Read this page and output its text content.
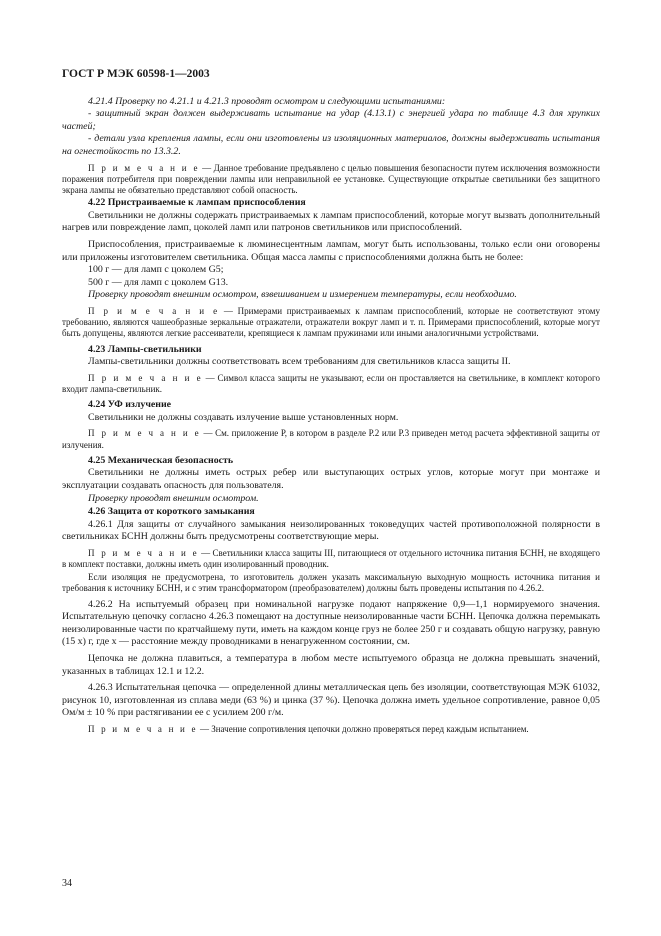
ГОСТ Р МЭК 60598-1—2003

4.21.4 Проверку по 4.21.1 и 4.21.3 проводят осмотром и следующими испытаниями:

- защитный экран должен выдерживать испытание на удар (4.13.1) с энергией удара по таблице 4.3 для хрупких частей;

- детали узла крепления лампы, если они изготовлены из изоляционных материалов, должны выдерживать испытания на огнестойкость по 13.3.2.

П р и м е ч а н и е — Данное требование предъявлено с целью повышения безопасности путем исключения возможности поражения потребителя при повреждении лампы или неправильной ее установке. Существующие открытые светильники без защитного экрана лампы не обязательно представляют собой опасность.

4.22 Пристраиваемые к лампам приспособления

Светильники не должны содержать пристраиваемых к лампам приспособлений, которые могут вызвать дополнительный нагрев или повреждение ламп, цоколей ламп или патронов светильников или приспособлений.

Приспособления, пристраиваемые к люминесцентным лампам, могут быть использованы, только если они оговорены или приложены изготовителем светильника. Общая масса лампы с приспособлениями должна быть не более:

100 г — для ламп с цоколем G5;

500 г — для ламп с цоколем G13.

Проверку проводят внешним осмотром, взвешиванием и измерением температуры, если необходимо.

П р и м е ч а н и е — Примерами пристраиваемых к лампам приспособлений, которые не соответствуют этому требованию, являются чашеобразные зеркальные отражатели, отражатели вокруг ламп и т. п. Примерами приспособлений, которые могут быть допущены, являются легкие рассеиватели, крепящиеся к лампам пружинами или иными аналогичными устройствами.

4.23 Лампы-светильники

Лампы-светильники должны соответствовать всем требованиям для светильников класса защиты II.

П р и м е ч а н и е — Символ класса защиты не указывают, если он проставляется на светильнике, в комплект которого входит лампа-светильник.

4.24 УФ излучение

Светильники не должны создавать излучение выше установленных норм.

П р и м е ч а н и е — См. приложение Р, в котором в разделе Р.2 или Р.3 приведен метод расчета эффективной защиты от излучения.

4.25 Механическая безопасность

Светильники не должны иметь острых ребер или выступающих острых углов, которые могут при монтаже и эксплуатации создавать опасность для пользователя.

Проверку проводят внешним осмотром.

4.26 Защита от короткого замыкания

4.26.1 Для защиты от случайного замыкания неизолированных токоведущих частей противоположной полярности в светильниках БСНН должны быть предусмотрены соответствующие меры.

П р и м е ч а н и е — Светильники класса защиты III, питающиеся от отдельного источника питания БСНН, не входящего в комплект поставки, должны иметь один изолированный проводник.

Если изоляция не предусмотрена, то изготовитель должен указать максимальную выходную мощность источника питания и требования к источнику БСНН, и с этим трансформатором (преобразователем) должны быть проведены испытания по 4.26.2.

4.26.2 На испытуемый образец при номинальной нагрузке подают напряжение 0,9—1,1 нормируемого значения. Испытательную цепочку согласно 4.26.3 помещают на доступные неизолированные части БСНН. Цепочка должна перемыкать неизолированные части по кратчайшему пути, иметь на каждом конце груз не более 250 г и создавать общую нагрузку, равную (15 x) г, где x — расстояние между проводниками в ненагруженном состоянии, см.

Цепочка не должна плавиться, а температура в любом месте испытуемого образца не должна превышать значений, указанных в таблицах 12.1 и 12.2.

4.26.3 Испытательная цепочка — определенной длины металлическая цепь без изоляции, соответствующая МЭК 61032, рисунок 10, изготовленная из сплава меди (63 %) и цинка (37 %). Цепочка должна иметь удельное сопротивление, равное 0,05 Ом/м ± 10 % при растягивании ее с усилием 200 г/м.

П р и м е ч а н и е — Значение сопротивления цепочки должно проверяться перед каждым испытанием.

34
